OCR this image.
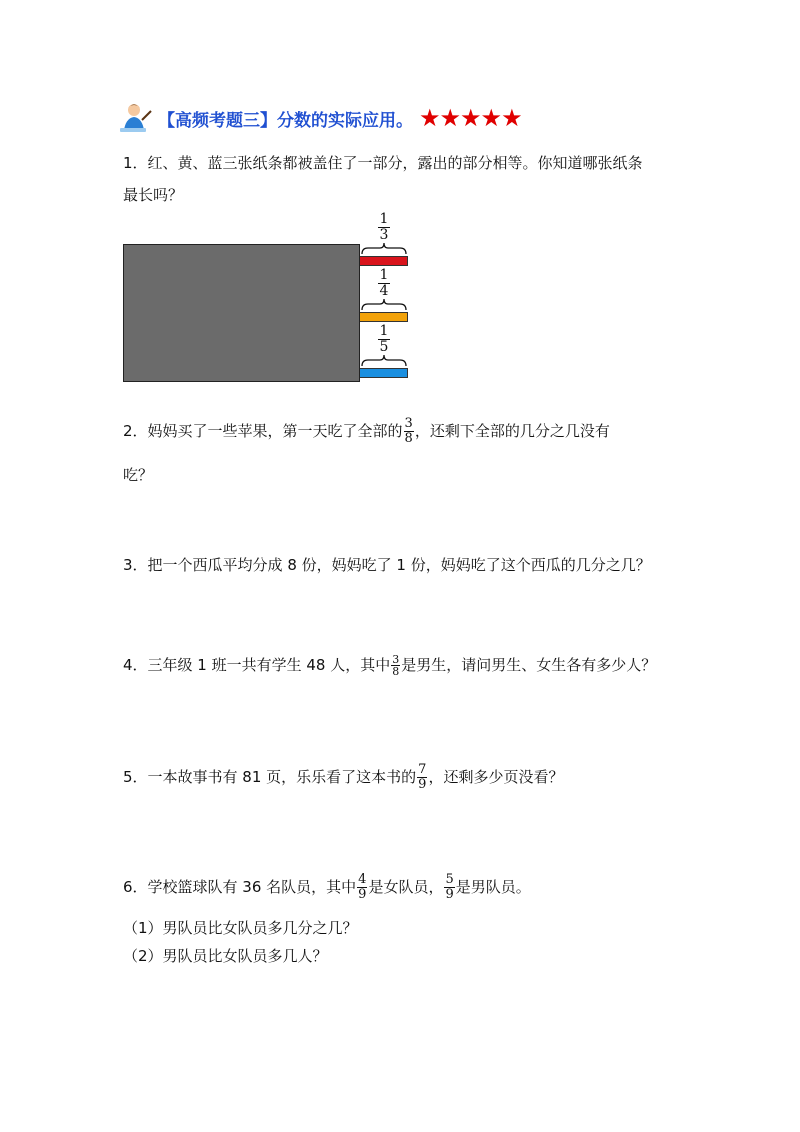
【高频考题三】分数的实际应用。 ★★★★★
1．红、黄、蓝三张纸条都被盖住了一部分，露出的部分相等。你知道哪张纸条
最长吗？
1
3
1
4
1
5
2．妈妈买了一些苹果，第一天吃了全部的 $\frac{3}{8}$ ，还剩下全部的几分之几没有
吃？
3．把一个西瓜平均分成 8 份，妈妈吃了 1 份，妈妈吃了这个西瓜的几分之几？
4．三年级 1 班一共有学生 48 人，其中 $\frac{3}{8}$ 是男生，请问男生、女生各有多少人？
5．一本故事书有 81 页，乐乐看了这本书的 $\frac{7}{9}$ ，还剩多少页没看？
6．学校篮球队有 36 名队员，其中 $\frac{4}{9}$ 是女队员， $\frac{5}{9}$ 是男队员。
（1）男队员比女队员多几分之几？
（2）男队员比女队员多几人？
